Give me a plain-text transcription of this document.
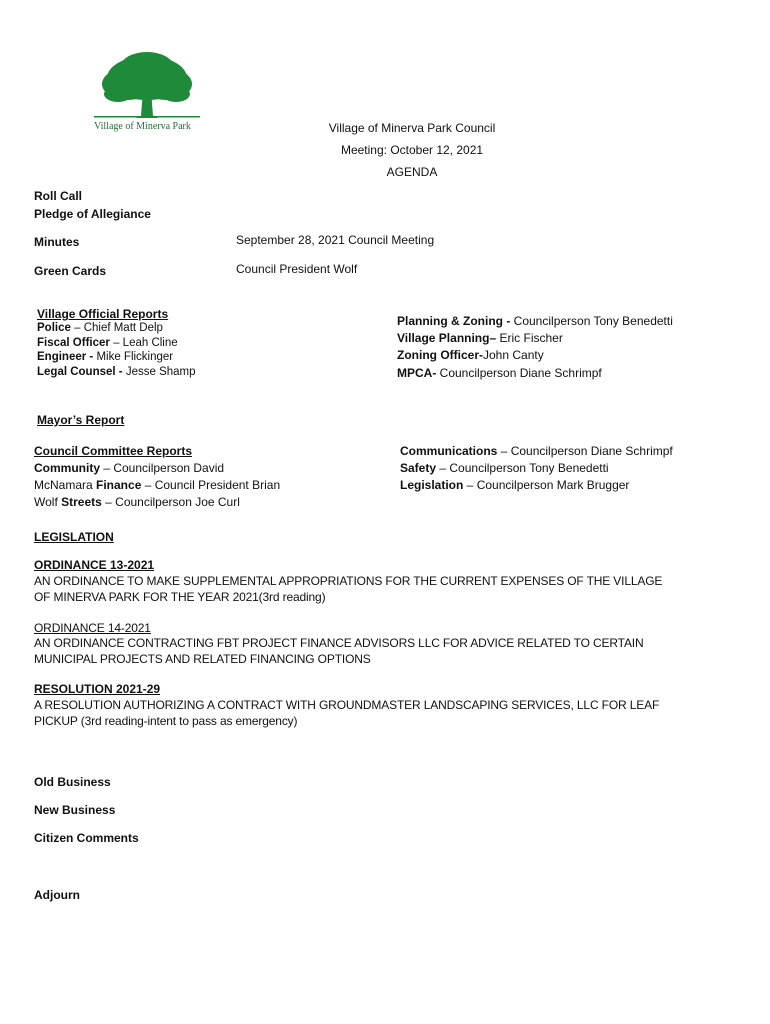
Village of Minerva Park	Village of Minerva Park Council
Meeting: October 12, 2021
AGENDA
Roll Call
Pledge of Allegiance
Minutes	September 28, 2021 Council Meeting
Green Cards	Council President Wolf
Village Official Reports
Police – Chief Matt Delp
Fiscal Officer – Leah Cline
Engineer - Mike Flickinger
Legal Counsel - Jesse Shamp
Planning & Zoning - Councilperson Tony Benedetti
Village Planning– Eric Fischer
Zoning Officer-John Canty
MPCA- Councilperson Diane Schrimpf
Mayor’s Report
Council Committee Reports
Community – Councilperson David
McNamara Finance – Council President Brian
Wolf Streets – Councilperson Joe Curl
Communications – Councilperson Diane Schrimpf
Safety – Councilperson Tony Benedetti
Legislation – Councilperson Mark Brugger
LEGISLATION
ORDINANCE 13-2021
AN ORDINANCE TO MAKE SUPPLEMENTAL APPROPRIATIONS FOR THE CURRENT EXPENSES OF THE VILLAGE
OF MINERVA PARK FOR THE YEAR 2021(3rd reading)
ORDINANCE 14-2021
AN ORDINANCE CONTRACTING FBT PROJECT FINANCE ADVISORS LLC FOR ADVICE RELATED TO CERTAIN
MUNICIPAL PROJECTS AND RELATED FINANCING OPTIONS
RESOLUTION 2021-29
A RESOLUTION AUTHORIZING A CONTRACT WITH GROUNDMASTER LANDSCAPING SERVICES, LLC FOR LEAF
PICKUP (3rd reading-intent to pass as emergency)
Old Business
New Business
Citizen Comments
Adjourn
